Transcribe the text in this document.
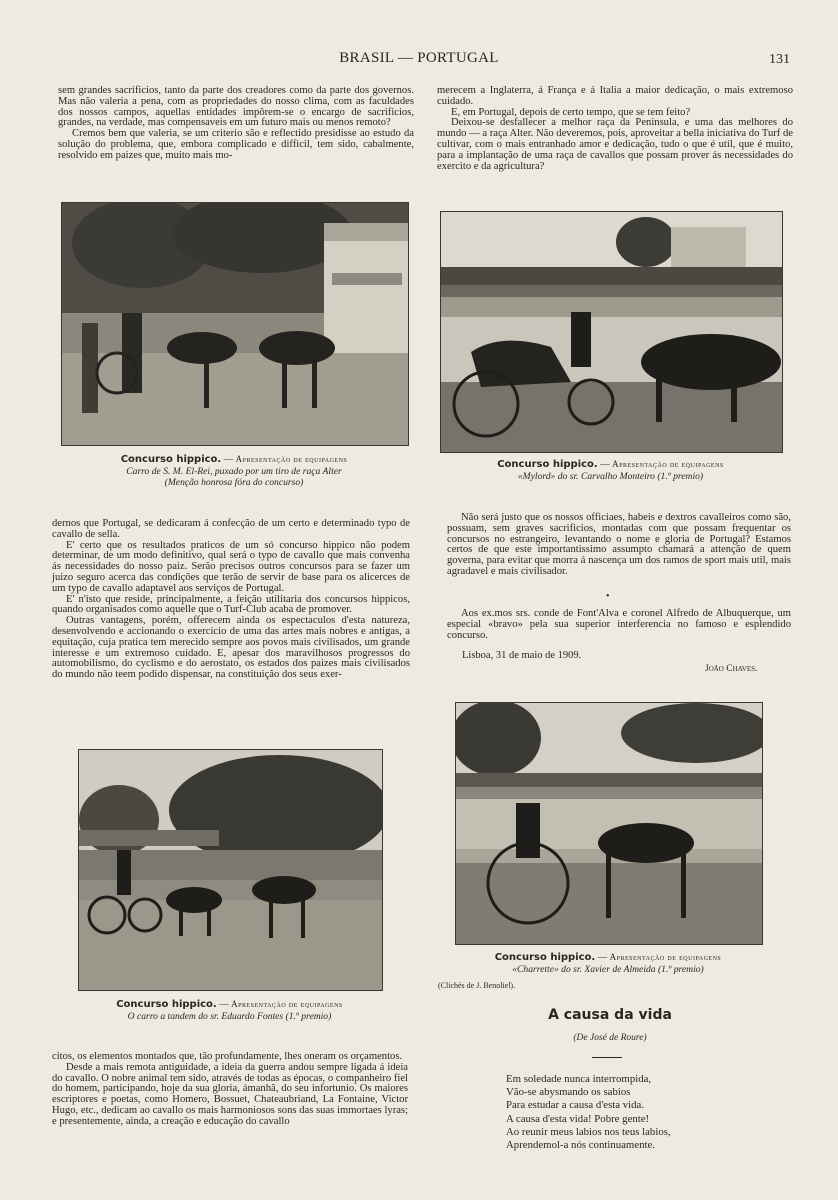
BRASIL — PORTUGAL	131

sem grandes sacrificios, tanto da parte dos creadores como da parte dos governos. Mas não valeria a pena, com as propriedades do nosso clima, com as faculdades dos nossos campos, aquellas entidades impôrem-se o encargo de sacrificios, grandes, na verdade, mas compensaveis em um futuro mais ou menos remoto?

Cremos bem que valeria, se um criterio são e reflectido presidisse ao estudo da solução do problema, que, embora complicado e difficil, tem sido, cabalmente, resolvido em paizes que, muito mais mo-

merecem a Inglaterra, á França e á Italia a maior dedicação, o mais extremoso cuidado.

E, em Portugal, depois de certo tempo, que se tem feito?

Deixou-se desfallecer a melhor raça da Peninsula, e uma das melhores do mundo — a raça Alter. Não deveremos, pois, aproveitar a bella iniciativa do Turf de cultivar, com o mais entranhado amor e dedicação, tudo o que é util, que é muito, para a implantação de uma raça de cavallos que possam prover ás necessidades do exercito e da agricultura?

Concurso hippico. — Apresentação de equipagens
Carro de S. M. El-Rei, puxado por um tiro de raça Alter
(Menção honrosa fóra do concurso)
Concurso hippico. — Apresentação de equipagens
«Mylord» do sr. Carvalho Monteiro (1.º premio)

dernos que Portugal, se dedicaram á confecção de um certo e determinado typo de cavallo de sella.

E' certo que os resultados praticos de um só concurso hippico não podem determinar, de um modo definitivo, qual será o typo de cavallo que mais convenha ás necessidades do nosso paiz. Serão precisos outros concursos para se fazer um juizo seguro acerca das condições que terão de servir de base para os alicerces de um typo de cavallo adaptavel aos serviços de Portugal.

E' n'isto que reside, principalmente, a feição utilitaria dos concursos hippicos, quando organisados como aquelle que o Turf-Club acaba de promover.

Outras vantagens, porém, offerecem ainda os espectaculos d'esta natureza, desenvolvendo e accionando o exercicio de uma das artes mais nobres e antigas, a equitação, cuja pratica tem merecido sempre aos povos mais civilisados, um grande interesse e um extremoso cuidado. E, apesar dos maravilhosos progressos do automobilismo, do cyclismo e do aerostato, os estados dos paizes mais civilisados do mundo não teem podido dispensar, na constituição dos seus exer-

Não será justo que os nossos officiaes, habeis e dextros cavalleiros como são, possuam, sem graves sacrificios, montadas com que possam frequentar os concursos no estrangeiro, levantando o nome e gloria de Portugal? Estamos certos de que este importantissimo assumpto chamará a attenção de quem governa, para evitar que morra á nascença um dos ramos de sport mais util, mais agradavel e mais civilisador.

•

Aos ex.mos srs. conde de Font'Alva e coronel Alfredo de Albuquerque, um especial «bravo» pela sua superior interferencia no famoso e esplendido concurso.

Lisboa, 31 de maio de 1909.
João Chaves.
Concurso hippico. — Apresentação de equipagens
O carro a tandem do sr. Eduardo Fontes (1.º premio)
Concurso hippico. — Apresentação de equipagens
«Charrette» do sr. Xavier de Almeida (1.º premio)
(Clichés de J. Benoliel).

citos, os elementos montados que, tão profundamente, lhes oneram os orçamentos.

Desde a mais remota antiguidade, a ideia da guerra andou sempre ligada á ideia do cavallo. O nobre animal tem sido, através de todas as épocas, o companheiro fiel do homem, participando, hoje da sua gloria, ámanhã, do seu infortunio. Os maiores escriptores e poetas, como Homero, Bossuet, Chateaubriand, La Fontaine, Victor Hugo, etc., dedicam ao cavallo os mais harmoniosos sons das suas immortaes lyras; e presentemente, ainda, a creação e educação do cavallo

A causa da vida
(De José de Roure)
Em soledade nunca interrompida,
Vão-se abysmando os sabios
Para estudar a causa d'esta vida.
A causa d'esta vida! Pobre gente!
Ao reunir meus labios nos teus labios,
Aprendemol-a nós continuamente.
